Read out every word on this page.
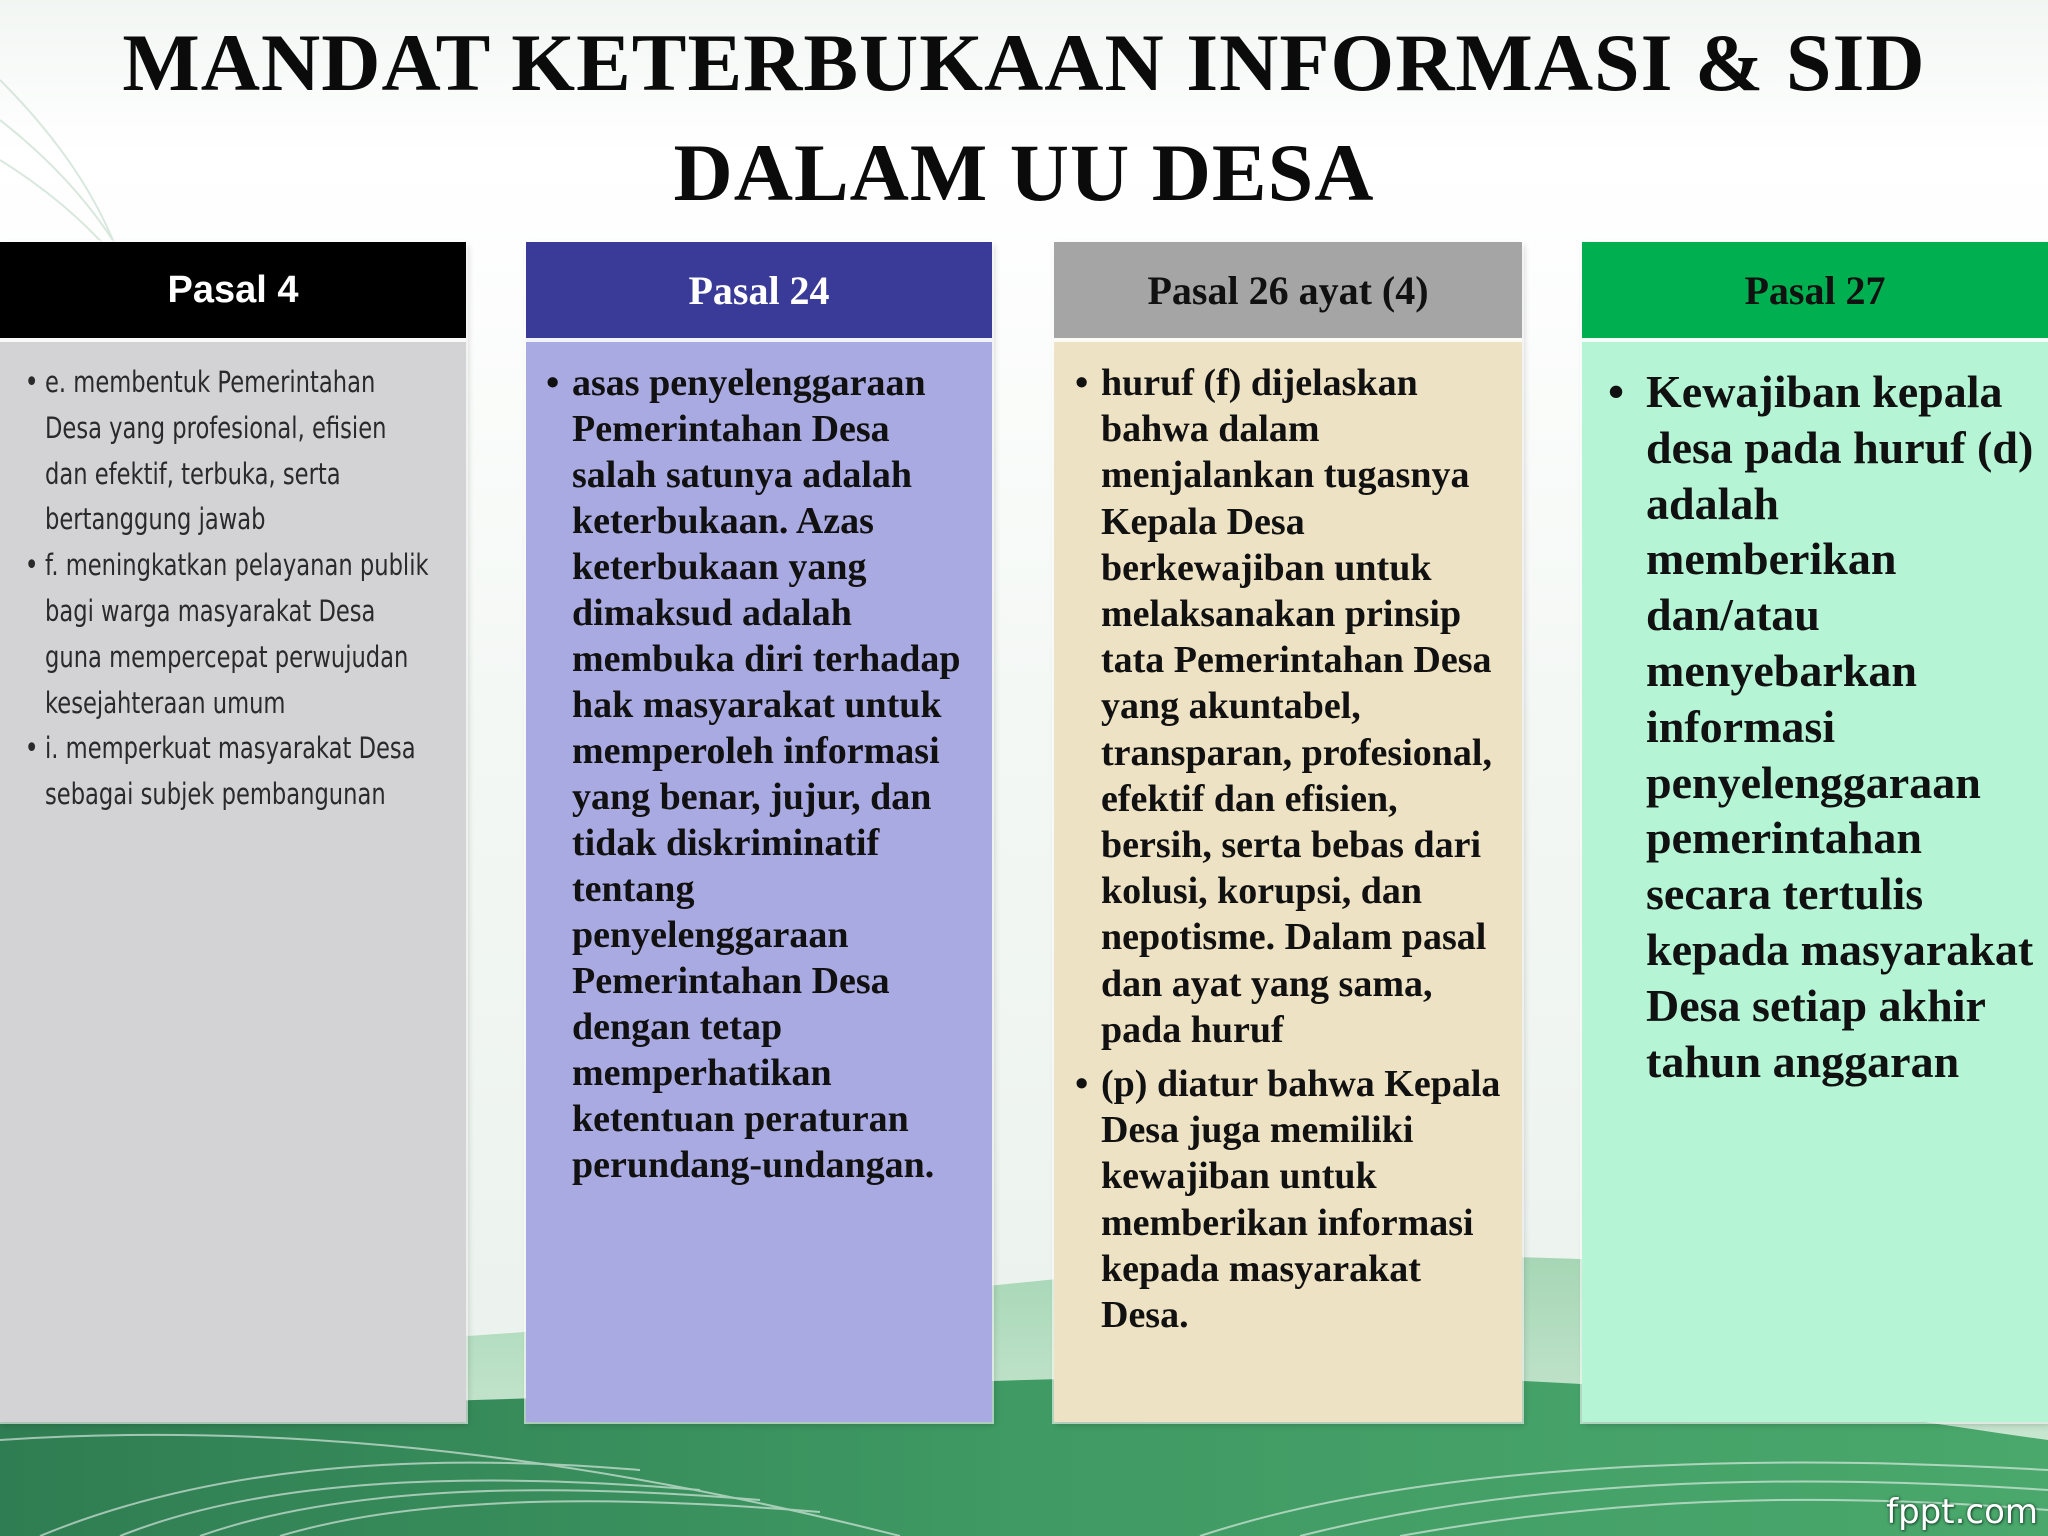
MANDAT KETERBUKAAN INFORMASI & SID
DALAM UU DESA
Pasal 4
• e. membentuk Pemerintahan Desa yang profesional, efisien dan efektif, terbuka, serta bertanggung jawab
• f. meningkatkan pelayanan publik bagi warga masyarakat Desa guna mempercepat perwujudan kesejahteraan umum
• i. memperkuat masyarakat Desa sebagai subjek pembangunan
Pasal 24
• asas penyelenggaraan Pemerintahan Desa salah satunya adalah keterbukaan. Azas keterbukaan yang dimaksud adalah membuka diri terhadap hak masyarakat untuk memperoleh informasi yang benar, jujur, dan tidak diskriminatif tentang penyelenggaraan Pemerintahan Desa dengan tetap memperhatikan ketentuan peraturan perundang-undangan.
Pasal 26 ayat (4)
• huruf (f) dijelaskan bahwa dalam menjalankan tugasnya Kepala Desa berkewajiban untuk melaksanakan prinsip tata Pemerintahan Desa yang akuntabel, transparan, profesional, efektif dan efisien, bersih, serta bebas dari kolusi, korupsi, dan nepotisme. Dalam pasal dan ayat yang sama, pada huruf
• (p) diatur bahwa Kepala Desa juga memiliki kewajiban untuk memberikan informasi kepada masyarakat Desa.
Pasal 27
• Kewajiban kepala desa pada huruf (d) adalah memberikan dan/atau menyebarkan informasi penyelenggaraan pemerintahan secara tertulis kepada masyarakat Desa setiap akhir tahun anggaran
fppt.com
